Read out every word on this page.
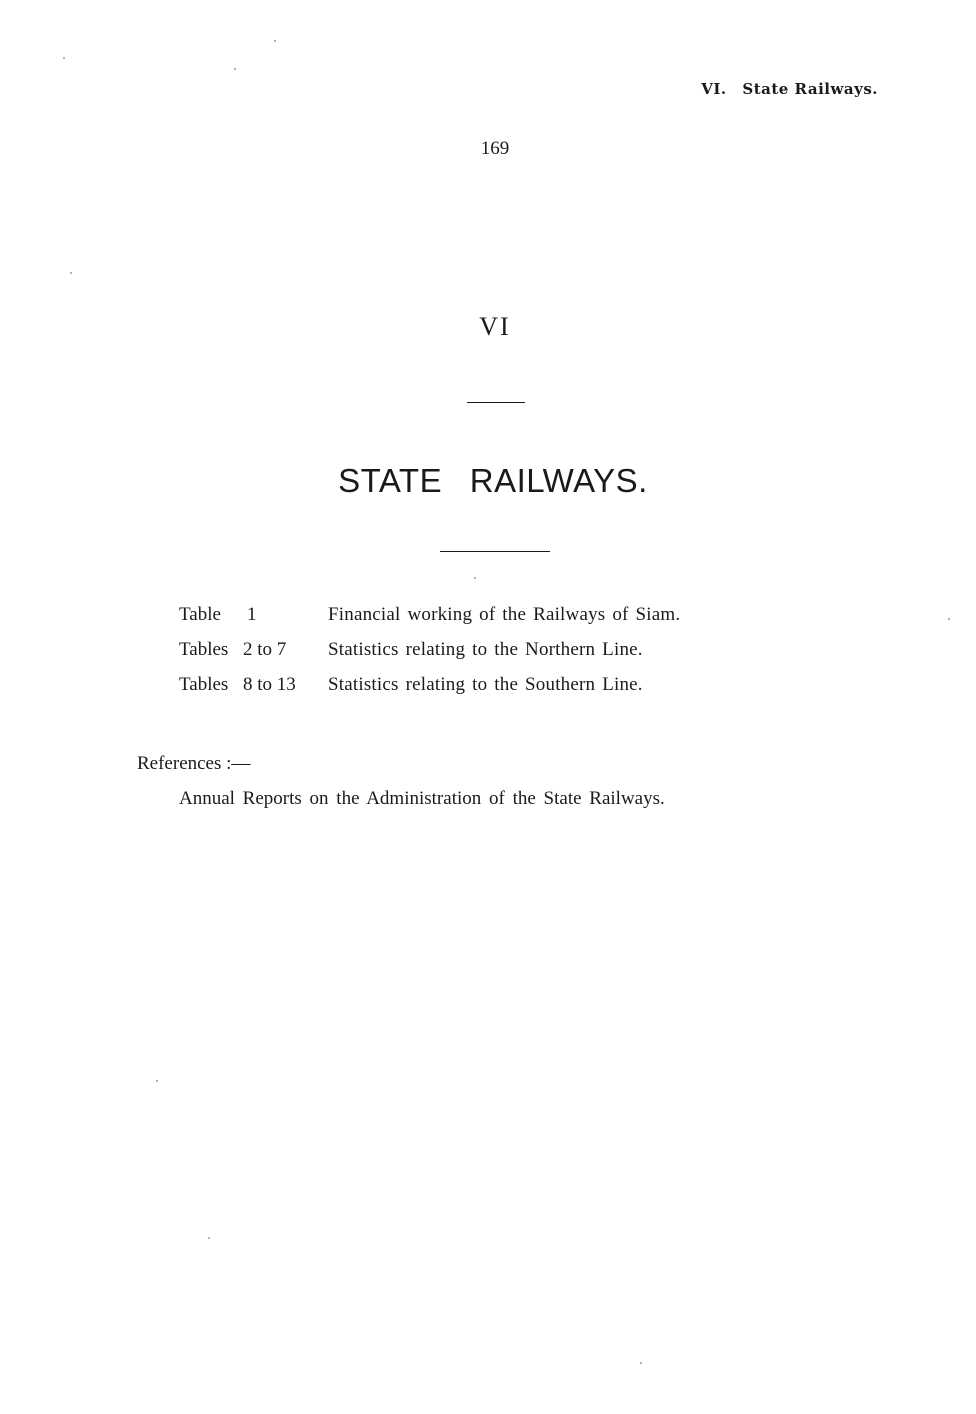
VI. State Railways.
169
VI
STATE RAILWAYS.
Table 1	Financial working of the Railways of Siam.
Tables 2 to 7 Statistics relating to the Northern Line.
Tables 8 to 13 Statistics relating to the Southern Line.
References :—
Annual Reports on the Administration of the State Railways.
